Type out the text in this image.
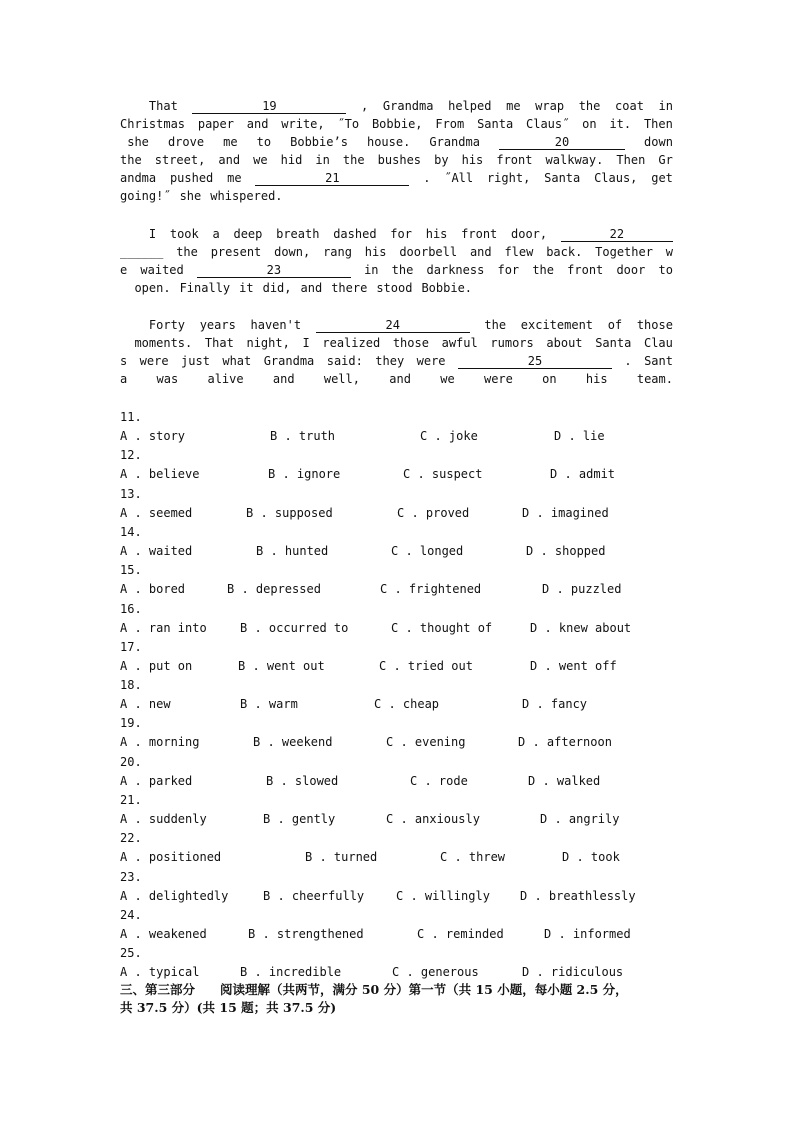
That	19	, Grandma helped me wrap the coat in
Christmas paper and write, ˝To Bobbie, From Santa Claus˝ on it. Then
she drove me to Bobbie’s house. Grandma	20	down
the street, and we hid in the bushes by his front walkway. Then Gr
andma pushed me	21	. ˝All right, Santa Claus, get
going!˝ she whispered.
I took a deep breath dashed for his front door,	22
______ the present down, rang his doorbell and flew back. Together w
e waited	23	in the darkness for the front door to
open. Finally it did, and there stood Bobbie.
Forty years haven't	24	the excitement of those
moments. That night, I realized those awful rumors about Santa Clau
s were just what Grandma said: they were	25	. Sant
a was alive and well, and we were on his team.
11.
A . story	B . truth	C . joke	D . lie
12.
A . believe	B . ignore	C . suspect	D . admit
13.
A . seemed	B . supposed	C . proved	D . imagined
14.
A . waited	B . hunted	C . longed	D . shopped
15.
A . bored	B . depressed	C . frightened	D . puzzled
16.
A . ran into	B . occurred to	C . thought of	D . knew about
17.
A . put on	B . went out	C . tried out	D . went off
18.
A . new	B . warm	C . cheap	D . fancy
19.
A . morning	B . weekend	C . evening	D . afternoon
20.
A . parked	B . slowed	C . rode	D . walked
21.
A . suddenly	B . gently	C . anxiously	D . angrily
22.
A . positioned	B . turned	C . threw	D . took
23.
A . delightedly	B . cheerfully	C . willingly	D . breathlessly
24.
A . weakened	B . strengthened	C . reminded	D . informed
25.
A . typical	B . incredible	C . generous	D . ridiculous
三、第三部分　　阅读理解（共两节，满分 50 分）第一节（共 15 小题，每小题 2.5 分，
共 37.5 分）(共 15 题；共 37.5 分)
